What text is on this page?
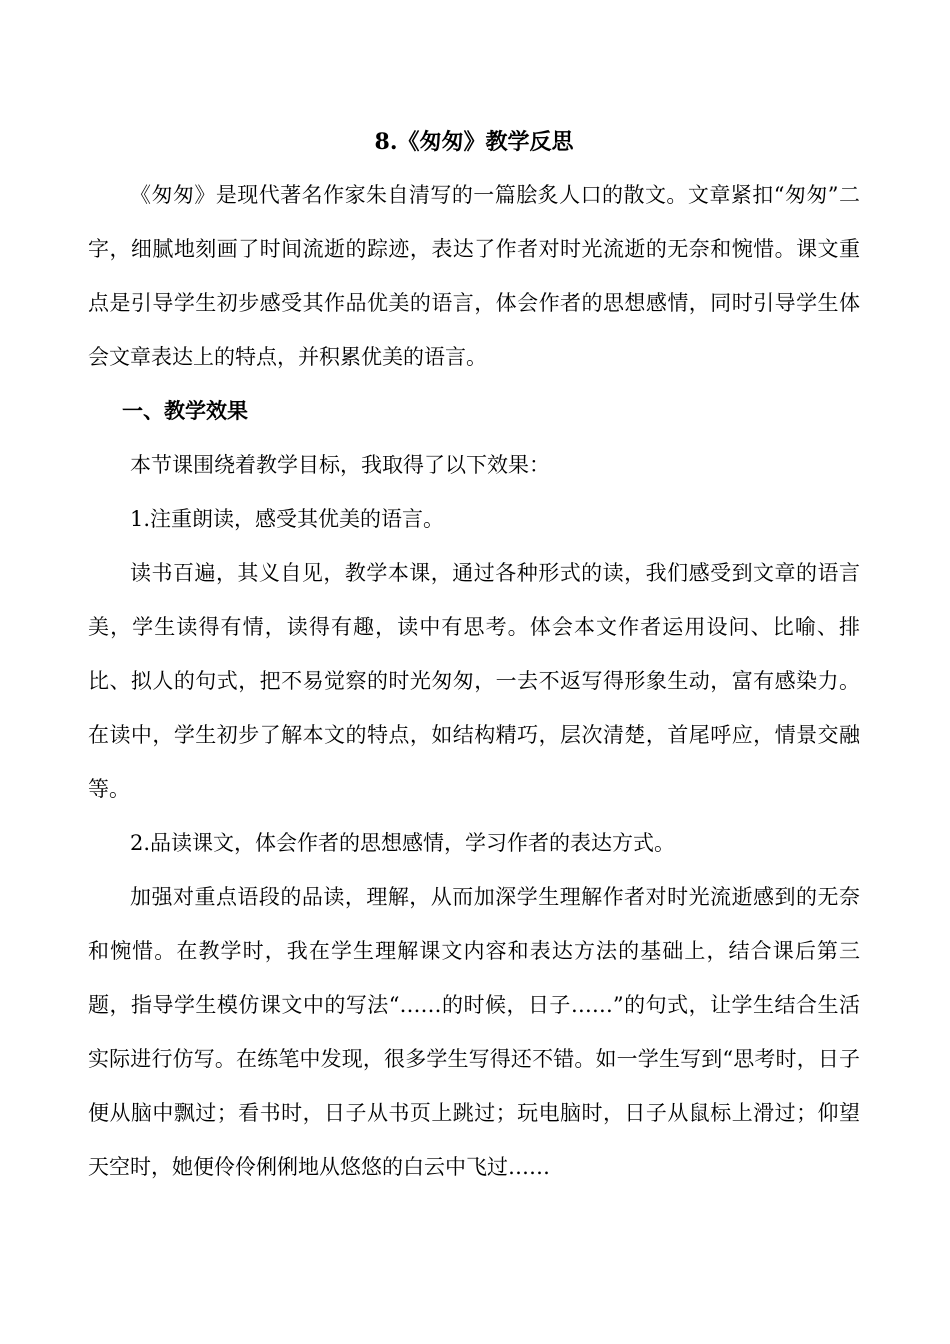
8.《匆匆》教学反思

《匆匆》是现代著名作家朱自清写的一篇脍炙人口的散文。文章紧扣“匆匆”二字，细腻地刻画了时间流逝的踪迹，表达了作者对时光流逝的无奈和惋惜。课文重点是引导学生初步感受其作品优美的语言，体会作者的思想感情，同时引导学生体会文章表达上的特点，并积累优美的语言。

一、教学效果

本节课围绕着教学目标，我取得了以下效果：

1.注重朗读，感受其优美的语言。

读书百遍，其义自见，教学本课，通过各种形式的读，我们感受到文章的语言美，学生读得有情，读得有趣，读中有思考。体会本文作者运用设问、比喻、排比、拟人的句式，把不易觉察的时光匆匆，一去不返写得形象生动，富有感染力。在读中，学生初步了解本文的特点，如结构精巧，层次清楚，首尾呼应，情景交融等。

2.品读课文，体会作者的思想感情，学习作者的表达方式。

加强对重点语段的品读，理解，从而加深学生理解作者对时光流逝感到的无奈和惋惜。在教学时，我在学生理解课文内容和表达方法的基础上，结合课后第三题，指导学生模仿课文中的写法“……的时候，日子……”的句式，让学生结合生活实际进行仿写。在练笔中发现，很多学生写得还不错。如一学生写到“思考时，日子便从脑中飘过；看书时，日子从书页上跳过；玩电脑时，日子从鼠标上滑过；仰望天空时，她便伶伶俐俐地从悠悠的白云中飞过……
